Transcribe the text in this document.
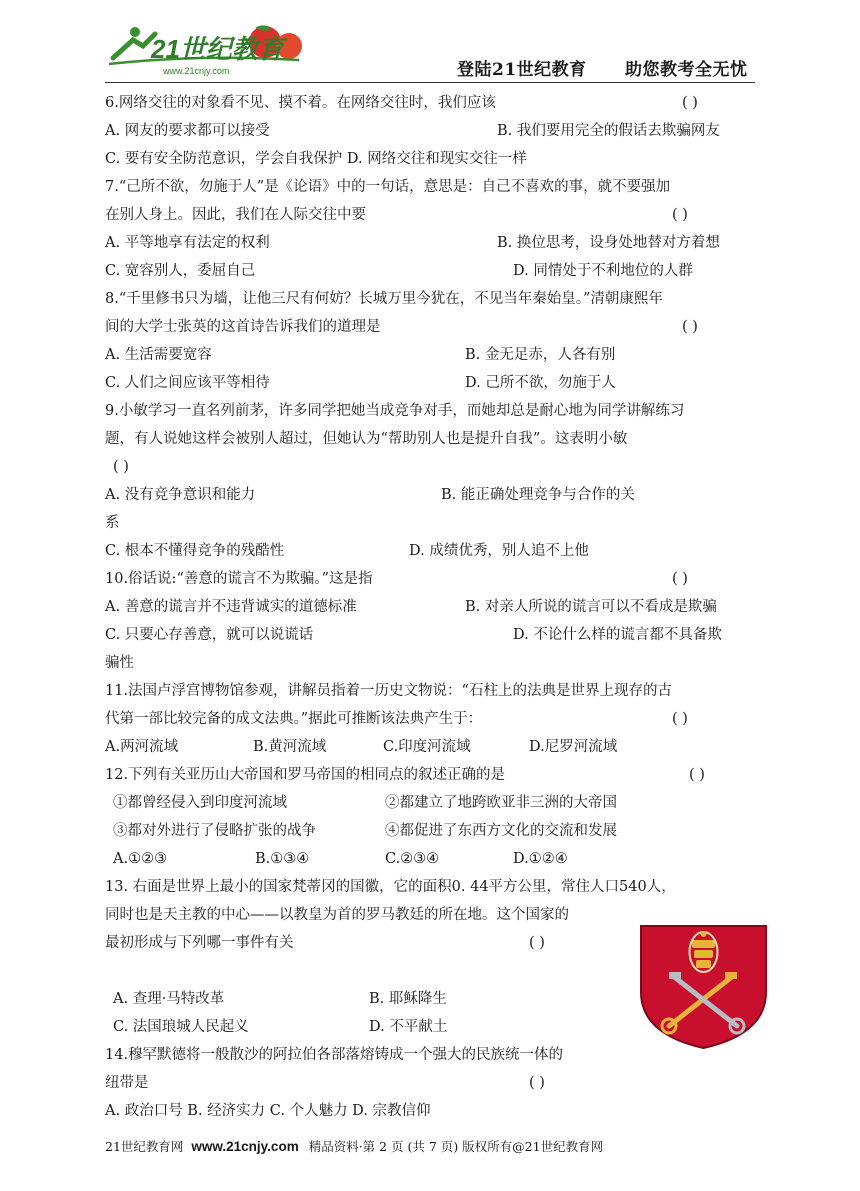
21世纪教育
www.21cnjy.com	登陆21世纪教育 助您教考全无忧
6.网络交往的对象看不见、摸不着。在网络交往时，我们应该	( )
A. 网友的要求都可以接受	B. 我们要用完全的假话去欺骗网友
C. 要有安全防范意识，学会自我保护 D. 网络交往和现实交往一样
7.“己所不欲，勿施于人”是《论语》中的一句话，意思是：自己不喜欢的事，就不要强加
在别人身上。因此，我们在人际交往中要	( )
A. 平等地享有法定的权利	B. 换位思考，设身处地替对方着想
C. 宽容别人，委屈自己	D. 同情处于不利地位的人群
8.“千里修书只为墙，让他三尺有何妨？长城万里今犹在，不见当年秦始皇。”清朝康熙年
间的大学士张英的这首诗告诉我们的道理是	( )
A. 生活需要宽容	B. 金无足赤，人各有别
C. 人们之间应该平等相待	D. 己所不欲，勿施于人
9.小敏学习一直名列前茅，许多同学把她当成竞争对手，而她却总是耐心地为同学讲解练习
题，有人说她这样会被别人超过，但她认为“帮助别人也是提升自我”。这表明小敏
( )
A. 没有竞争意识和能力	B. 能正确处理竞争与合作的关
系
C. 根本不懂得竞争的残酷性	D. 成绩优秀，别人追不上他
10.俗话说:“善意的谎言不为欺骗。”这是指	( )
A. 善意的谎言并不违背诚实的道德标准	B. 对亲人所说的谎言可以不看成是欺骗
C. 只要心存善意，就可以说谎话	D. 不论什么样的谎言都不具备欺
骗性
11.法国卢浮宫博物馆参观，讲解员指着一历史文物说：“石柱上的法典是世界上现存的古
代第一部比较完备的成文法典。”据此可推断该法典产生于：	( )
A.两河流域	B.黄河流域	C.印度河流域	D.尼罗河流域
12.下列有关亚历山大帝国和罗马帝国的相同点的叙述正确的是	( )
①都曾经侵入到印度河流域	②都建立了地跨欧亚非三洲的大帝国
③都对外进行了侵略扩张的战争	④都促进了东西方文化的交流和发展
A.①②③	B.①③④	C.②③④	D.①②④
13. 右面是世界上最小的国家梵蒂冈的国徽，它的面积0. 44平方公里，常住人口540人，
同时也是天主教的中心——以教皇为首的罗马教廷的所在地。这个国家的
最初形成与下列哪一事件有关	( )
A. 查理·马特改革	B. 耶稣降生
C. 法国琅城人民起义	D. 不平献土
14.穆罕默德将一般散沙的阿拉伯各部落熔铸成一个强大的民族统一体的
纽带是	( )
A. 政治口号 B. 经济实力 C. 个人魅力 D. 宗教信仰
21世纪教育网 www.21cnjy.com 精品资料·第 2 页 (共 7 页) 版权所有@21世纪教育网
